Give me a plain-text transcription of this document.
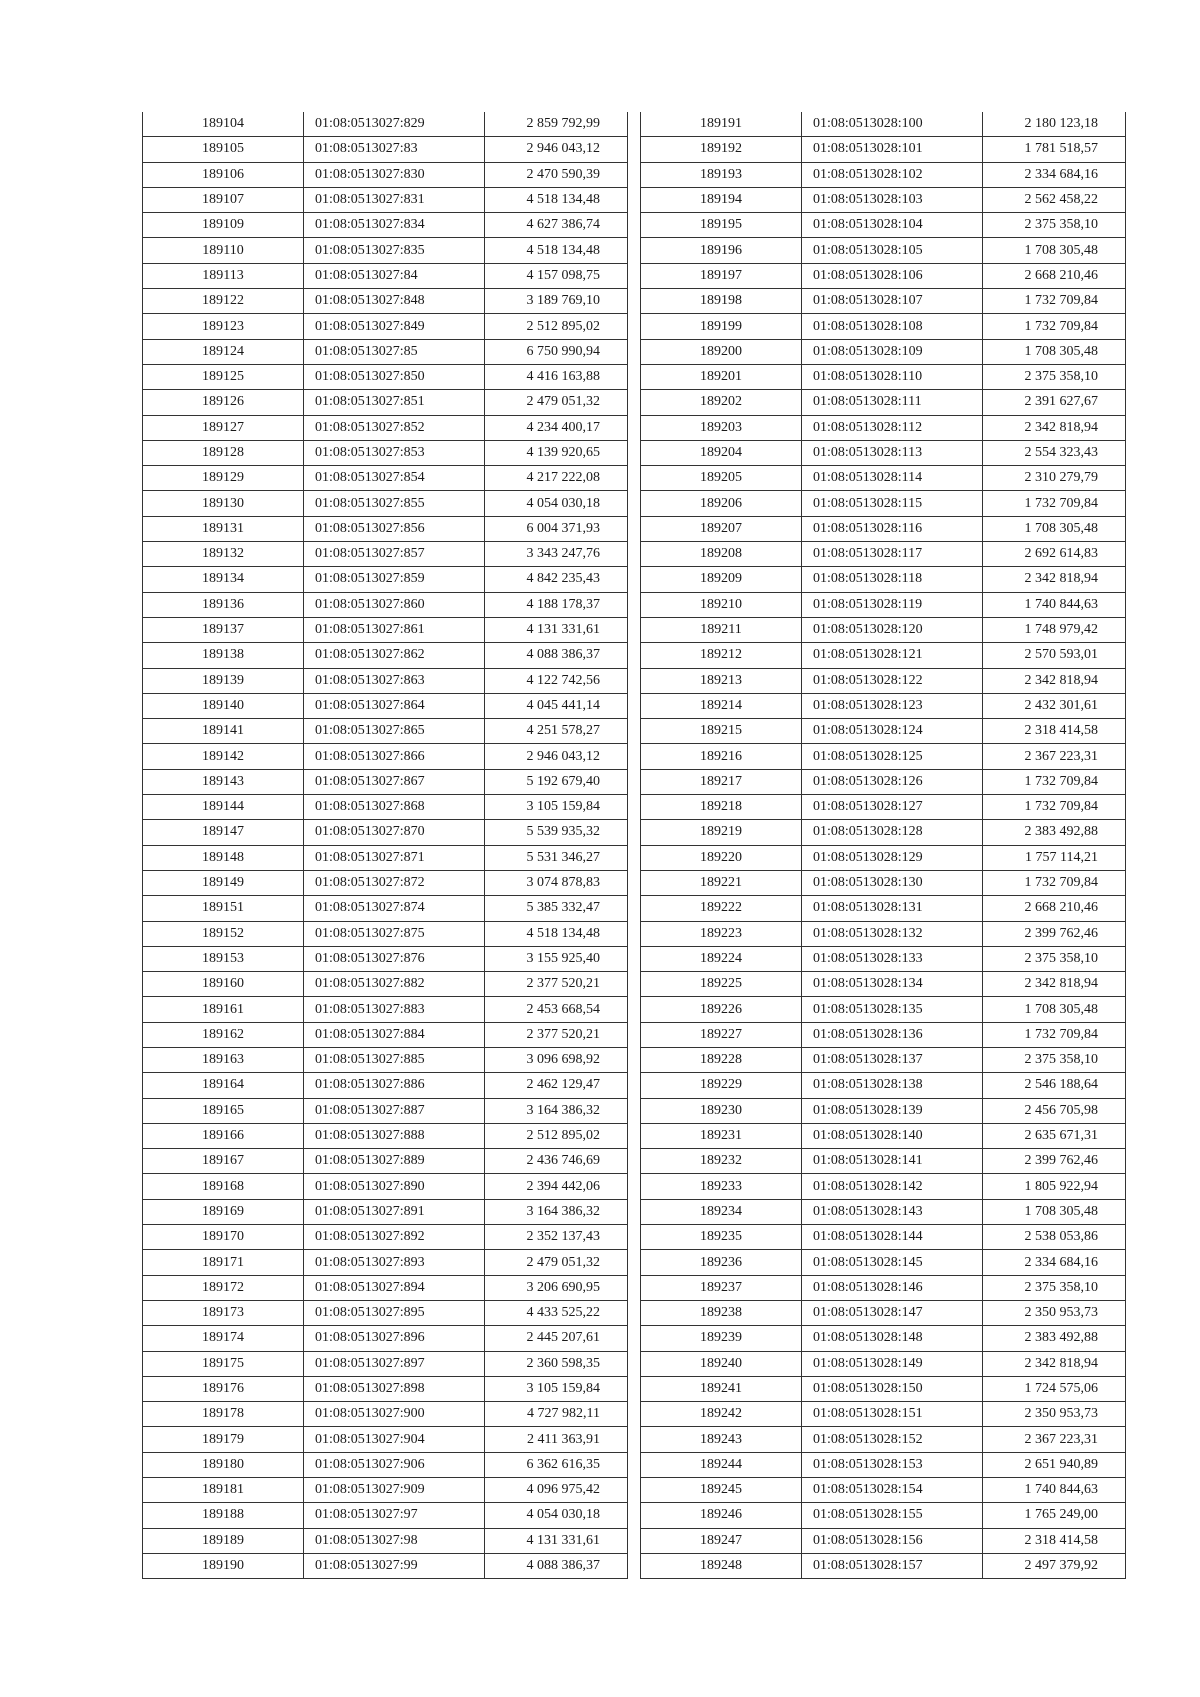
189104	01:08:0513027:829	2 859 792,99
189105	01:08:0513027:83	2 946 043,12
189106	01:08:0513027:830	2 470 590,39
189107	01:08:0513027:831	4 518 134,48
189109	01:08:0513027:834	4 627 386,74
189110	01:08:0513027:835	4 518 134,48
189113	01:08:0513027:84	4 157 098,75
189122	01:08:0513027:848	3 189 769,10
189123	01:08:0513027:849	2 512 895,02
189124	01:08:0513027:85	6 750 990,94
189125	01:08:0513027:850	4 416 163,88
189126	01:08:0513027:851	2 479 051,32
189127	01:08:0513027:852	4 234 400,17
189128	01:08:0513027:853	4 139 920,65
189129	01:08:0513027:854	4 217 222,08
189130	01:08:0513027:855	4 054 030,18
189131	01:08:0513027:856	6 004 371,93
189132	01:08:0513027:857	3 343 247,76
189134	01:08:0513027:859	4 842 235,43
189136	01:08:0513027:860	4 188 178,37
189137	01:08:0513027:861	4 131 331,61
189138	01:08:0513027:862	4 088 386,37
189139	01:08:0513027:863	4 122 742,56
189140	01:08:0513027:864	4 045 441,14
189141	01:08:0513027:865	4 251 578,27
189142	01:08:0513027:866	2 946 043,12
189143	01:08:0513027:867	5 192 679,40
189144	01:08:0513027:868	3 105 159,84
189147	01:08:0513027:870	5 539 935,32
189148	01:08:0513027:871	5 531 346,27
189149	01:08:0513027:872	3 074 878,83
189151	01:08:0513027:874	5 385 332,47
189152	01:08:0513027:875	4 518 134,48
189153	01:08:0513027:876	3 155 925,40
189160	01:08:0513027:882	2 377 520,21
189161	01:08:0513027:883	2 453 668,54
189162	01:08:0513027:884	2 377 520,21
189163	01:08:0513027:885	3 096 698,92
189164	01:08:0513027:886	2 462 129,47
189165	01:08:0513027:887	3 164 386,32
189166	01:08:0513027:888	2 512 895,02
189167	01:08:0513027:889	2 436 746,69
189168	01:08:0513027:890	2 394 442,06
189169	01:08:0513027:891	3 164 386,32
189170	01:08:0513027:892	2 352 137,43
189171	01:08:0513027:893	2 479 051,32
189172	01:08:0513027:894	3 206 690,95
189173	01:08:0513027:895	4 433 525,22
189174	01:08:0513027:896	2 445 207,61
189175	01:08:0513027:897	2 360 598,35
189176	01:08:0513027:898	3 105 159,84
189178	01:08:0513027:900	4 727 982,11
189179	01:08:0513027:904	2 411 363,91
189180	01:08:0513027:906	6 362 616,35
189181	01:08:0513027:909	4 096 975,42
189188	01:08:0513027:97	4 054 030,18
189189	01:08:0513027:98	4 131 331,61
189190	01:08:0513027:99	4 088 386,37
189191	01:08:0513028:100	2 180 123,18
189192	01:08:0513028:101	1 781 518,57
189193	01:08:0513028:102	2 334 684,16
189194	01:08:0513028:103	2 562 458,22
189195	01:08:0513028:104	2 375 358,10
189196	01:08:0513028:105	1 708 305,48
189197	01:08:0513028:106	2 668 210,46
189198	01:08:0513028:107	1 732 709,84
189199	01:08:0513028:108	1 732 709,84
189200	01:08:0513028:109	1 708 305,48
189201	01:08:0513028:110	2 375 358,10
189202	01:08:0513028:111	2 391 627,67
189203	01:08:0513028:112	2 342 818,94
189204	01:08:0513028:113	2 554 323,43
189205	01:08:0513028:114	2 310 279,79
189206	01:08:0513028:115	1 732 709,84
189207	01:08:0513028:116	1 708 305,48
189208	01:08:0513028:117	2 692 614,83
189209	01:08:0513028:118	2 342 818,94
189210	01:08:0513028:119	1 740 844,63
189211	01:08:0513028:120	1 748 979,42
189212	01:08:0513028:121	2 570 593,01
189213	01:08:0513028:122	2 342 818,94
189214	01:08:0513028:123	2 432 301,61
189215	01:08:0513028:124	2 318 414,58
189216	01:08:0513028:125	2 367 223,31
189217	01:08:0513028:126	1 732 709,84
189218	01:08:0513028:127	1 732 709,84
189219	01:08:0513028:128	2 383 492,88
189220	01:08:0513028:129	1 757 114,21
189221	01:08:0513028:130	1 732 709,84
189222	01:08:0513028:131	2 668 210,46
189223	01:08:0513028:132	2 399 762,46
189224	01:08:0513028:133	2 375 358,10
189225	01:08:0513028:134	2 342 818,94
189226	01:08:0513028:135	1 708 305,48
189227	01:08:0513028:136	1 732 709,84
189228	01:08:0513028:137	2 375 358,10
189229	01:08:0513028:138	2 546 188,64
189230	01:08:0513028:139	2 456 705,98
189231	01:08:0513028:140	2 635 671,31
189232	01:08:0513028:141	2 399 762,46
189233	01:08:0513028:142	1 805 922,94
189234	01:08:0513028:143	1 708 305,48
189235	01:08:0513028:144	2 538 053,86
189236	01:08:0513028:145	2 334 684,16
189237	01:08:0513028:146	2 375 358,10
189238	01:08:0513028:147	2 350 953,73
189239	01:08:0513028:148	2 383 492,88
189240	01:08:0513028:149	2 342 818,94
189241	01:08:0513028:150	1 724 575,06
189242	01:08:0513028:151	2 350 953,73
189243	01:08:0513028:152	2 367 223,31
189244	01:08:0513028:153	2 651 940,89
189245	01:08:0513028:154	1 740 844,63
189246	01:08:0513028:155	1 765 249,00
189247	01:08:0513028:156	2 318 414,58
189248	01:08:0513028:157	2 497 379,92
